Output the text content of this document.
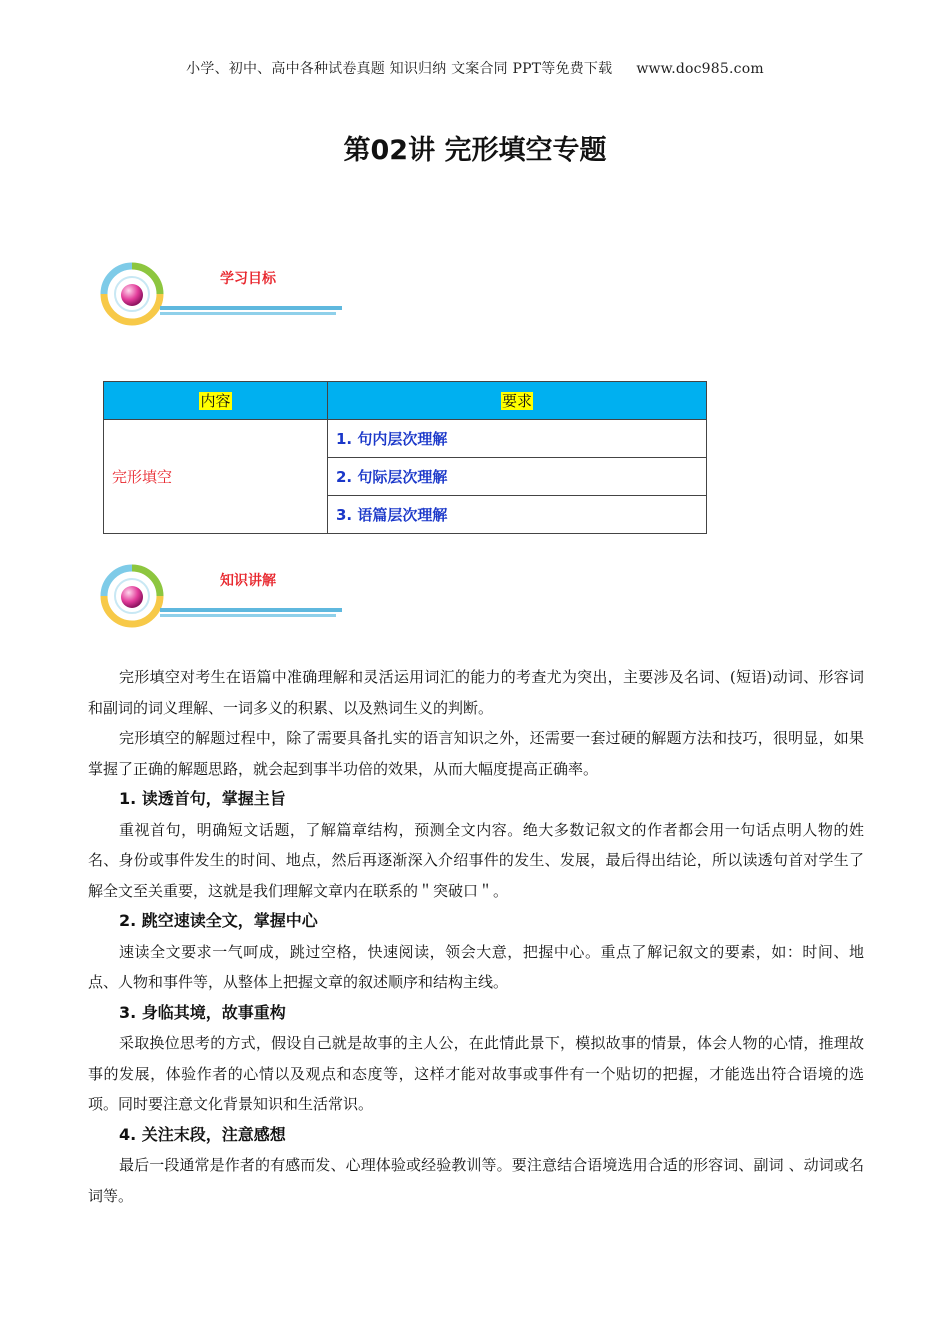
小学、初中、高中各种试卷真题 知识归纳 文案合同 PPT等免费下载 www.doc985.com
第02讲 完形填空专题
学习目标
内容	要求
完形填空	1. 句内层次理解
	2. 句际层次理解
	3. 语篇层次理解
知识讲解

完形填空对考生在语篇中准确理解和灵活运用词汇的能力的考查尤为突出，主要涉及名词、(短语)动词、形容词和副词的词义理解、一词多义的积累、以及熟词生义的判断。

完形填空的解题过程中，除了需要具备扎实的语言知识之外，还需要一套过硬的解题方法和技巧，很明显，如果掌握了正确的解题思路，就会起到事半功倍的效果，从而大幅度提高正确率。

1. 读透首句，掌握主旨

重视首句，明确短文话题，了解篇章结构，预测全文内容。绝大多数记叙文的作者都会用一句话点明人物的姓名、身份或事件发生的时间、地点，然后再逐渐深入介绍事件的发生、发展，最后得出结论，所以读透句首对学生了解全文至关重要，这就是我们理解文章内在联系的＂突破口＂。

2. 跳空速读全文，掌握中心

速读全文要求一气呵成，跳过空格，快速阅读，领会大意，把握中心。重点了解记叙文的要素，如：时间、地点、人物和事件等，从整体上把握文章的叙述顺序和结构主线。

3. 身临其境，故事重构

采取换位思考的方式，假设自己就是故事的主人公，在此情此景下，模拟故事的情景，体会人物的心情，推理故事的发展，体验作者的心情以及观点和态度等，这样才能对故事或事件有一个贴切的把握，才能选出符合语境的选项。同时要注意文化背景知识和生活常识。

4. 关注末段，注意感想

最后一段通常是作者的有感而发、心理体验或经验教训等。要注意结合语境选用合适的形容词、副词 、动词或名词等。
